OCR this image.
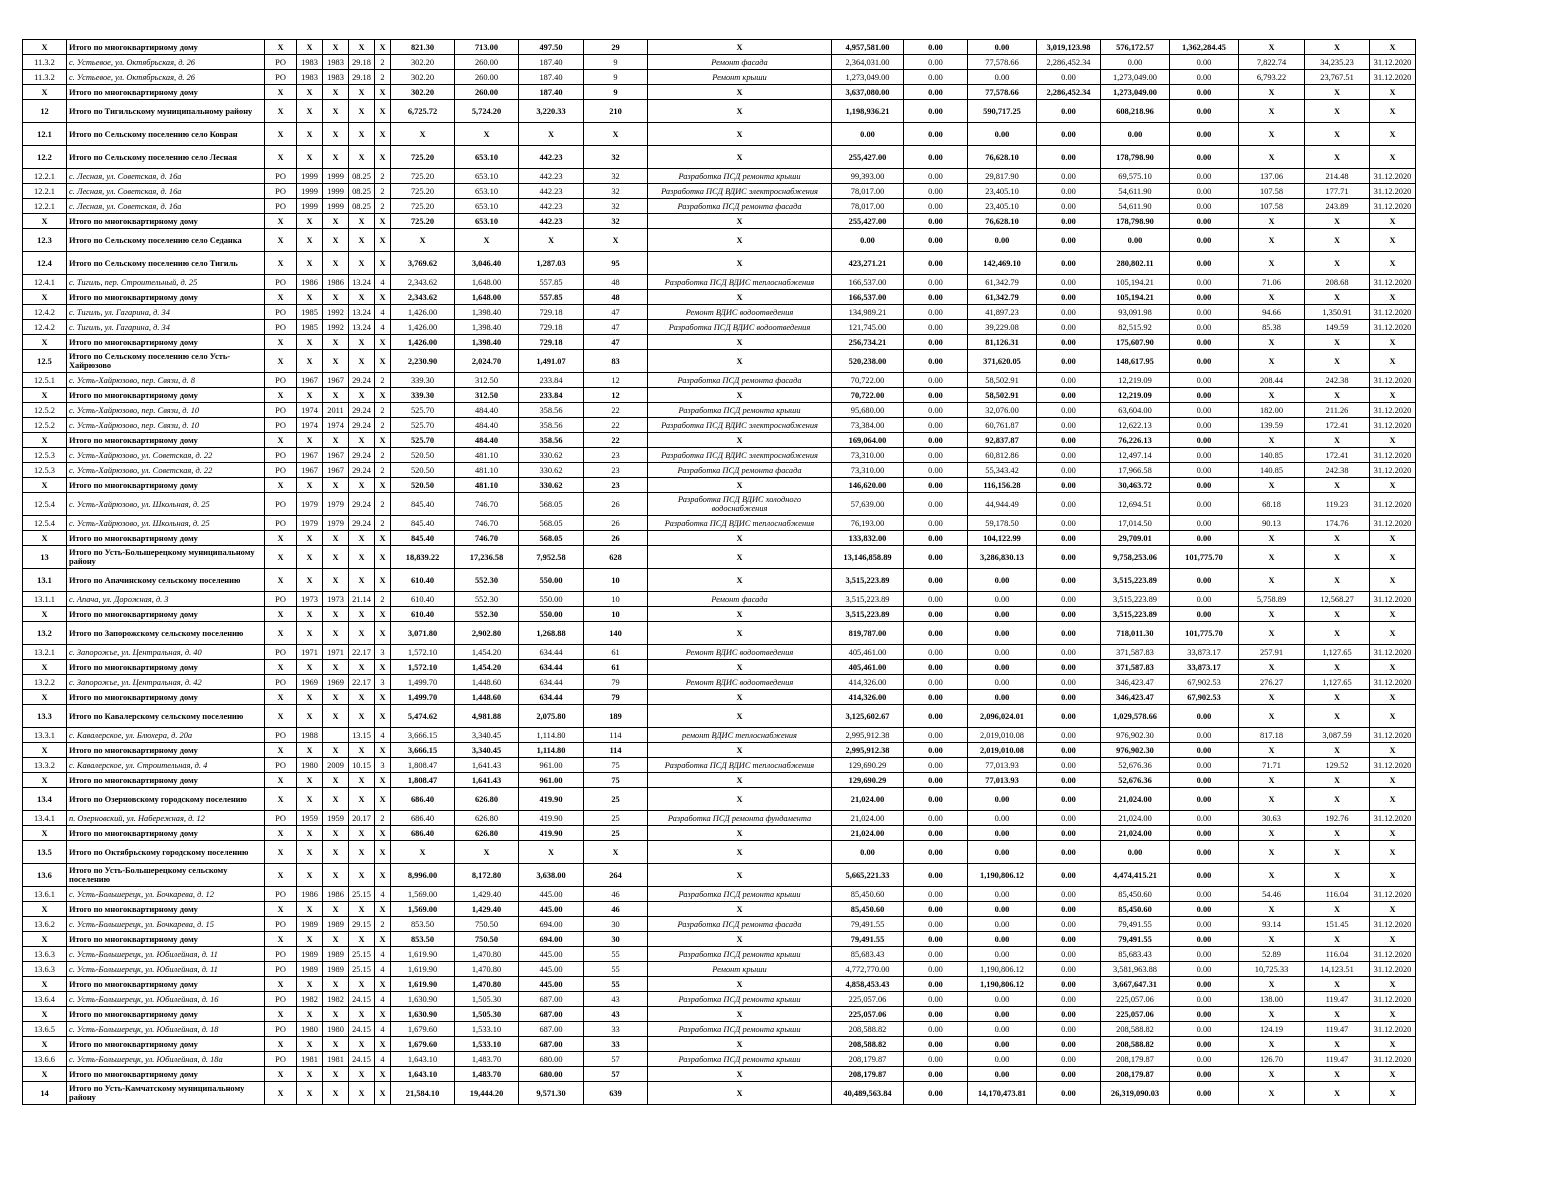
X	Итого по многоквартирному дому	X	X	X	X	X	821.30	713.00	497.50	29	X	4,957,581.00	0.00	0.00	3,019,123.98	576,172.57	1,362,284.45	X	X	X
11.3.2	с. Устьевое, ул. Октябрьская, д. 26	РО	1983	1983	29.18	2	302.20	260.00	187.40	9	Ремонт фасада	2,364,031.00	0.00	77,578.66	2,286,452.34	0.00	0.00	7,822.74	34,235.23	31.12.2020
11.3.2	с. Устьевое, ул. Октябрьская, д. 26	РО	1983	1983	29.18	2	302.20	260.00	187.40	9	Ремонт крыши	1,273,049.00	0.00	0.00	0.00	1,273,049.00	0.00	6,793.22	23,767.51	31.12.2020
X	Итого по многоквартирному дому	X	X	X	X	X	302.20	260.00	187.40	9	X	3,637,080.00	0.00	77,578.66	2,286,452.34	1,273,049.00	0.00	X	X	X
12	Итого по Тигильскому муниципальному району	X	X	X	X	X	6,725.72	5,724.20	3,220.33	210	X	1,198,936.21	0.00	590,717.25	0.00	608,218.96	0.00	X	X	X
12.1	Итого по Сельскому поселению село Ковран	X	X	X	X	X	X	X	X	X	X	0.00	0.00	0.00	0.00	0.00	0.00	X	X	X
12.2	Итого по Сельскому поселению село Лесная	X	X	X	X	X	725.20	653.10	442.23	32	X	255,427.00	0.00	76,628.10	0.00	178,798.90	0.00	X	X	X
12.2.1	с. Лесная, ул. Советская, д. 16а	РО	1999	1999	08.25	2	725.20	653.10	442.23	32	Разработка ПСД ремонта крыши	99,393.00	0.00	29,817.90	0.00	69,575.10	0.00	137.06	214.48	31.12.2020
12.2.1	с. Лесная, ул. Советская, д. 16а	РО	1999	1999	08.25	2	725.20	653.10	442.23	32	Разработка ПСД ВДИС электроснабжения	78,017.00	0.00	23,405.10	0.00	54,611.90	0.00	107.58	177.71	31.12.2020
12.2.1	с. Лесная, ул. Советская, д. 16а	РО	1999	1999	08.25	2	725.20	653.10	442.23	32	Разработка ПСД ремонта фасада	78,017.00	0.00	23,405.10	0.00	54,611.90	0.00	107.58	243.89	31.12.2020
X	Итого по многоквартирному дому	X	X	X	X	X	725.20	653.10	442.23	32	X	255,427.00	0.00	76,628.10	0.00	178,798.90	0.00	X	X	X
12.3	Итого по Сельскому поселению село Седанка	X	X	X	X	X	X	X	X	X	X	0.00	0.00	0.00	0.00	0.00	0.00	X	X	X
12.4	Итого по Сельскому поселению село Тигиль	X	X	X	X	X	3,769.62	3,046.40	1,287.03	95	X	423,271.21	0.00	142,469.10	0.00	280,802.11	0.00	X	X	X
12.4.1	с. Тигиль, пер. Строительный, д. 25	РО	1986	1986	13.24	4	2,343.62	1,648.00	557.85	48	Разработка ПСД ВДИС теплоснабжения	166,537.00	0.00	61,342.79	0.00	105,194.21	0.00	71.06	208.68	31.12.2020
X	Итого по многоквартирному дому	X	X	X	X	X	2,343.62	1,648.00	557.85	48	X	166,537.00	0.00	61,342.79	0.00	105,194.21	0.00	X	X	X
12.4.2	с. Тигиль, ул. Гагарина, д. 34	РО	1985	1992	13.24	4	1,426.00	1,398.40	729.18	47	Ремонт ВДИС водоотведения	134,989.21	0.00	41,897.23	0.00	93,091.98	0.00	94.66	1,350.91	31.12.2020
12.4.2	с. Тигиль, ул. Гагарина, д. 34	РО	1985	1992	13.24	4	1,426.00	1,398.40	729.18	47	Разработка ПСД ВДИС водоотведения	121,745.00	0.00	39,229.08	0.00	82,515.92	0.00	85.38	149.59	31.12.2020
X	Итого по многоквартирному дому	X	X	X	X	X	1,426.00	1,398.40	729.18	47	X	256,734.21	0.00	81,126.31	0.00	175,607.90	0.00	X	X	X
12.5	Итого по Сельскому поселению село Усть-Хайрюзово	X	X	X	X	X	2,230.90	2,024.70	1,491.07	83	X	520,238.00	0.00	371,620.05	0.00	148,617.95	0.00	X	X	X
12.5.1	с. Усть-Хайрюзово, пер. Связи, д. 8	РО	1967	1967	29.24	2	339.30	312.50	233.84	12	Разработка ПСД ремонта фасада	70,722.00	0.00	58,502.91	0.00	12,219.09	0.00	208.44	242.38	31.12.2020
X	Итого по многоквартирному дому	X	X	X	X	X	339.30	312.50	233.84	12	X	70,722.00	0.00	58,502.91	0.00	12,219.09	0.00	X	X	X
12.5.2	с. Усть-Хайрюзово, пер. Связи, д. 10	РО	1974	2011	29.24	2	525.70	484.40	358.56	22	Разработка ПСД ремонта крыши	95,680.00	0.00	32,076.00	0.00	63,604.00	0.00	182.00	211.26	31.12.2020
12.5.2	с. Усть-Хайрюзово, пер. Связи, д. 10	РО	1974	1974	29.24	2	525.70	484.40	358.56	22	Разработка ПСД ВДИС электроснабжения	73,384.00	0.00	60,761.87	0.00	12,622.13	0.00	139.59	172.41	31.12.2020
X	Итого по многоквартирному дому	X	X	X	X	X	525.70	484.40	358.56	22	X	169,064.00	0.00	92,837.87	0.00	76,226.13	0.00	X	X	X
12.5.3	с. Усть-Хайрюзово, ул. Советская, д. 22	РО	1967	1967	29.24	2	520.50	481.10	330.62	23	Разработка ПСД ВДИС электроснабжения	73,310.00	0.00	60,812.86	0.00	12,497.14	0.00	140.85	172.41	31.12.2020
12.5.3	с. Усть-Хайрюзово, ул. Советская, д. 22	РО	1967	1967	29.24	2	520.50	481.10	330.62	23	Разработка ПСД ремонта фасада	73,310.00	0.00	55,343.42	0.00	17,966.58	0.00	140.85	242.38	31.12.2020
X	Итого по многоквартирному дому	X	X	X	X	X	520.50	481.10	330.62	23	X	146,620.00	0.00	116,156.28	0.00	30,463.72	0.00	X	X	X
12.5.4	с. Усть-Хайрюзово, ул. Школьная, д. 25	РО	1979	1979	29.24	2	845.40	746.70	568.05	26	Разработка ПСД ВДИС холодного водоснабжения	57,639.00	0.00	44,944.49	0.00	12,694.51	0.00	68.18	119.23	31.12.2020
12.5.4	с. Усть-Хайрюзово, ул. Школьная, д. 25	РО	1979	1979	29.24	2	845.40	746.70	568.05	26	Разработка ПСД ВДИС теплоснабжения	76,193.00	0.00	59,178.50	0.00	17,014.50	0.00	90.13	174.76	31.12.2020
X	Итого по многоквартирному дому	X	X	X	X	X	845.40	746.70	568.05	26	X	133,832.00	0.00	104,122.99	0.00	29,709.01	0.00	X	X	X
13	Итого по Усть-Большерецкому муниципальному району	X	X	X	X	X	18,839.22	17,236.58	7,952.58	628	X	13,146,858.89	0.00	3,286,830.13	0.00	9,758,253.06	101,775.70	X	X	X
13.1	Итого по Апачинскому сельскому поселению	X	X	X	X	X	610.40	552.30	550.00	10	X	3,515,223.89	0.00	0.00	0.00	3,515,223.89	0.00	X	X	X
13.1.1	с. Апача, ул. Дорожная, д. 3	РО	1973	1973	21.14	2	610.40	552.30	550.00	10	Ремонт фасада	3,515,223.89	0.00	0.00	0.00	3,515,223.89	0.00	5,758.89	12,568.27	31.12.2020
X	Итого по многоквартирному дому	X	X	X	X	X	610.40	552.30	550.00	10	X	3,515,223.89	0.00	0.00	0.00	3,515,223.89	0.00	X	X	X
13.2	Итого по Запорожскому сельскому поселению	X	X	X	X	X	3,071.80	2,902.80	1,268.88	140	X	819,787.00	0.00	0.00	0.00	718,011.30	101,775.70	X	X	X
13.2.1	с. Запорожье, ул. Центральная, д. 40	РО	1971	1971	22.17	3	1,572.10	1,454.20	634.44	61	Ремонт ВДИС водоотведения	405,461.00	0.00	0.00	0.00	371,587.83	33,873.17	257.91	1,127.65	31.12.2020
X	Итого по многоквартирному дому	X	X	X	X	X	1,572.10	1,454.20	634.44	61	X	405,461.00	0.00	0.00	0.00	371,587.83	33,873.17	X	X	X
13.2.2	с. Запорожье, ул. Центральная, д. 42	РО	1969	1969	22.17	3	1,499.70	1,448.60	634.44	79	Ремонт ВДИС водоотведения	414,326.00	0.00	0.00	0.00	346,423.47	67,902.53	276.27	1,127.65	31.12.2020
X	Итого по многоквартирному дому	X	X	X	X	X	1,499.70	1,448.60	634.44	79	X	414,326.00	0.00	0.00	0.00	346,423.47	67,902.53	X	X	X
13.3	Итого по Кавалерскому сельскому поселению	X	X	X	X	X	5,474.62	4,981.88	2,075.80	189	X	3,125,602.67	0.00	2,096,024.01	0.00	1,029,578.66	0.00	X	X	X
13.3.1	с. Кавалерское, ул. Блюхера, д. 20а	РО	1988		13.15	4	3,666.15	3,340.45	1,114.80	114	ремонт ВДИС теплоснабжения	2,995,912.38	0.00	2,019,010.08	0.00	976,902.30	0.00	817.18	3,087.59	31.12.2020
X	Итого по многоквартирному дому	X	X	X	X	X	3,666.15	3,340.45	1,114.80	114	X	2,995,912.38	0.00	2,019,010.08	0.00	976,902.30	0.00	X	X	X
13.3.2	с. Кавалерское, ул. Строительная, д. 4	РО	1980	2009	10.15	3	1,808.47	1,641.43	961.00	75	Разработка ПСД ВДИС теплоснабжения	129,690.29	0.00	77,013.93	0.00	52,676.36	0.00	71.71	129.52	31.12.2020
X	Итого по многоквартирному дому	X	X	X	X	X	1,808.47	1,641.43	961.00	75	X	129,690.29	0.00	77,013.93	0.00	52,676.36	0.00	X	X	X
13.4	Итого по Озерновскому городскому поселению	X	X	X	X	X	686.40	626.80	419.90	25	X	21,024.00	0.00	0.00	0.00	21,024.00	0.00	X	X	X
13.4.1	п. Озерновский, ул. Набережная, д. 12	РО	1959	1959	20.17	2	686.40	626.80	419.90	25	Разработка ПСД ремонта фундамента	21,024.00	0.00	0.00	0.00	21,024.00	0.00	30.63	192.76	31.12.2020
X	Итого по многоквартирному дому	X	X	X	X	X	686.40	626.80	419.90	25	X	21,024.00	0.00	0.00	0.00	21,024.00	0.00	X	X	X
13.5	Итого по Октябрьскому городскому поселению	X	X	X	X	X	X	X	X	X	X	0.00	0.00	0.00	0.00	0.00	0.00	X	X	X
13.6	Итого по Усть-Большерецкому сельскому поселению	X	X	X	X	X	8,996.00	8,172.80	3,638.00	264	X	5,665,221.33	0.00	1,190,806.12	0.00	4,474,415.21	0.00	X	X	X
13.6.1	с. Усть-Большерецк, ул. Бочкарева, д. 12	РО	1986	1986	25.15	4	1,569.00	1,429.40	445.00	46	Разработка ПСД ремонта крыши	85,450.60	0.00	0.00	0.00	85,450.60	0.00	54.46	116.04	31.12.2020
X	Итого по многоквартирному дому	X	X	X	X	X	1,569.00	1,429.40	445.00	46	X	85,450.60	0.00	0.00	0.00	85,450.60	0.00	X	X	X
13.6.2	с. Усть-Большерецк, ул. Бочкарева, д. 15	РО	1989	1989	29.15	2	853.50	750.50	694.00	30	Разработка ПСД ремонта фасада	79,491.55	0.00	0.00	0.00	79,491.55	0.00	93.14	151.45	31.12.2020
X	Итого по многоквартирному дому	X	X	X	X	X	853.50	750.50	694.00	30	X	79,491.55	0.00	0.00	0.00	79,491.55	0.00	X	X	X
13.6.3	с. Усть-Большерецк, ул. Юбилейная, д. 11	РО	1989	1989	25.15	4	1,619.90	1,470.80	445.00	55	Разработка ПСД ремонта крыши	85,683.43	0.00	0.00	0.00	85,683.43	0.00	52.89	116.04	31.12.2020
13.6.3	с. Усть-Большерецк, ул. Юбилейная, д. 11	РО	1989	1989	25.15	4	1,619.90	1,470.80	445.00	55	Ремонт крыши	4,772,770.00	0.00	1,190,806.12	0.00	3,581,963.88	0.00	10,725.33	14,123.51	31.12.2020
X	Итого по многоквартирному дому	X	X	X	X	X	1,619.90	1,470.80	445.00	55	X	4,858,453.43	0.00	1,190,806.12	0.00	3,667,647.31	0.00	X	X	X
13.6.4	с. Усть-Большерецк, ул. Юбилейная, д. 16	РО	1982	1982	24.15	4	1,630.90	1,505.30	687.00	43	Разработка ПСД ремонта крыши	225,057.06	0.00	0.00	0.00	225,057.06	0.00	138.00	119.47	31.12.2020
X	Итого по многоквартирному дому	X	X	X	X	X	1,630.90	1,505.30	687.00	43	X	225,057.06	0.00	0.00	0.00	225,057.06	0.00	X	X	X
13.6.5	с. Усть-Большерецк, ул. Юбилейная, д. 18	РО	1980	1980	24.15	4	1,679.60	1,533.10	687.00	33	Разработка ПСД ремонта крыши	208,588.82	0.00	0.00	0.00	208,588.82	0.00	124.19	119.47	31.12.2020
X	Итого по многоквартирному дому	X	X	X	X	X	1,679.60	1,533.10	687.00	33	X	208,588.82	0.00	0.00	0.00	208,588.82	0.00	X	X	X
13.6.6	с. Усть-Большерецк, ул. Юбилейная, д. 18а	РО	1981	1981	24.15	4	1,643.10	1,483.70	680.00	57	Разработка ПСД ремонта крыши	208,179.87	0.00	0.00	0.00	208,179.87	0.00	126.70	119.47	31.12.2020
X	Итого по многоквартирному дому	X	X	X	X	X	1,643.10	1,483.70	680.00	57	X	208,179.87	0.00	0.00	0.00	208,179.87	0.00	X	X	X
14	Итого по Усть-Камчатскому муниципальному району	X	X	X	X	X	21,584.10	19,444.20	9,571.30	639	X	40,489,563.84	0.00	14,170,473.81	0.00	26,319,090.03	0.00	X	X	X
